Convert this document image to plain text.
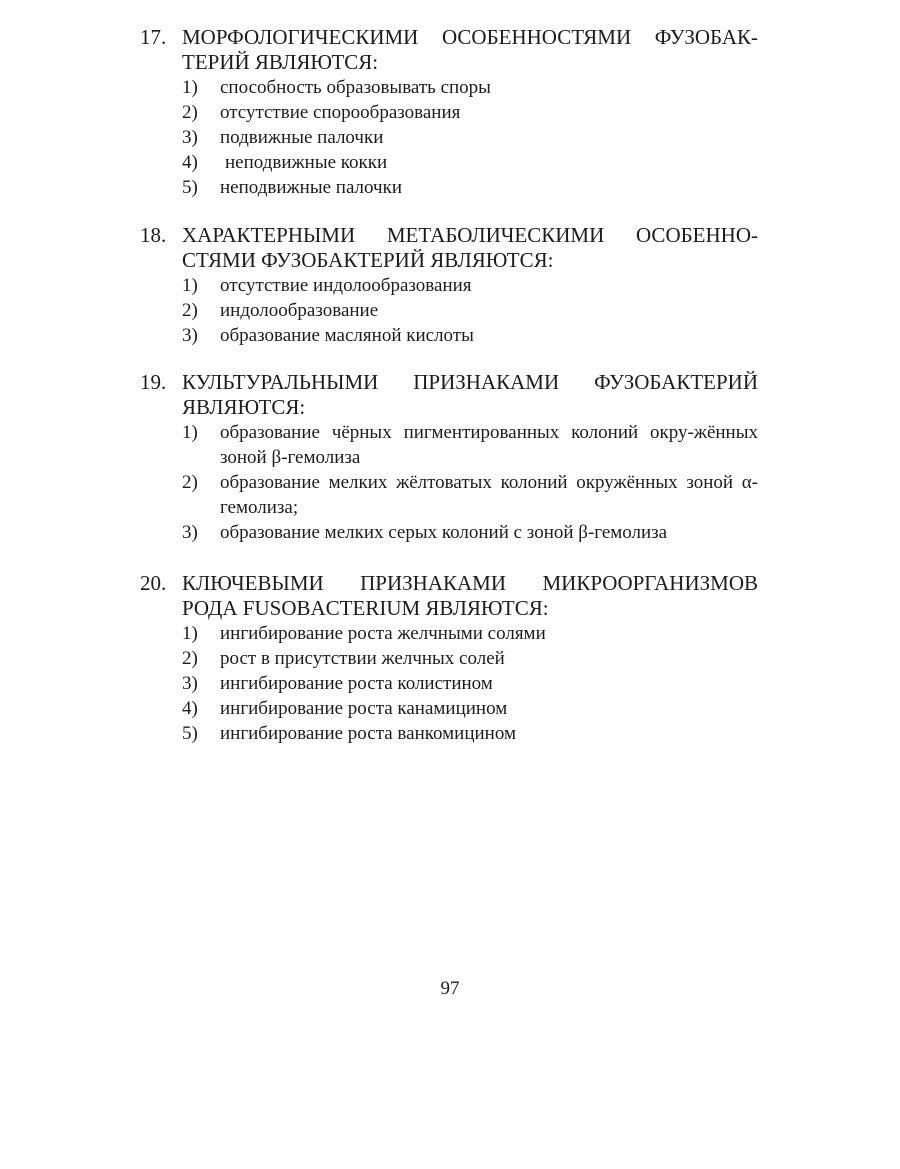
17. МОРФОЛОГИЧЕСКИМИ ОСОБЕННОСТЯМИ ФУЗОБАК-
ТЕРИЙ ЯВЛЯЮТСЯ:
1) способность образовывать споры
2) отсутствие спорообразования
3) подвижные палочки
4) неподвижные кокки
5) неподвижные палочки
18. ХАРАКТЕРНЫМИ МЕТАБОЛИЧЕСКИМИ ОСОБЕННО-
СТЯМИ ФУЗОБАКТЕРИЙ ЯВЛЯЮТСЯ:
1) отсутствие индолообразования
2) индолообразование
3) образование масляной кислоты
19. КУЛЬТУРАЛЬНЫМИ ПРИЗНАКАМИ ФУЗОБАКТЕРИЙ
ЯВЛЯЮТСЯ:
1) образование чёрных пигментированных колоний окру-жённых зоной β-гемолиза
2) образование мелких жёлтоватых колоний окружённых зоной α-гемолиза;
3) образование мелких серых колоний с зоной β-гемолиза
20. КЛЮЧЕВЫМИ ПРИЗНАКАМИ МИКРООРГАНИЗМОВ
РОДА FUSOBACTERIUM ЯВЛЯЮТСЯ:
1) ингибирование роста желчными солями
2) рост в присутствии желчных солей
3) ингибирование роста колистином
4) ингибирование роста канамицином
5) ингибирование роста ванкомицином
97
